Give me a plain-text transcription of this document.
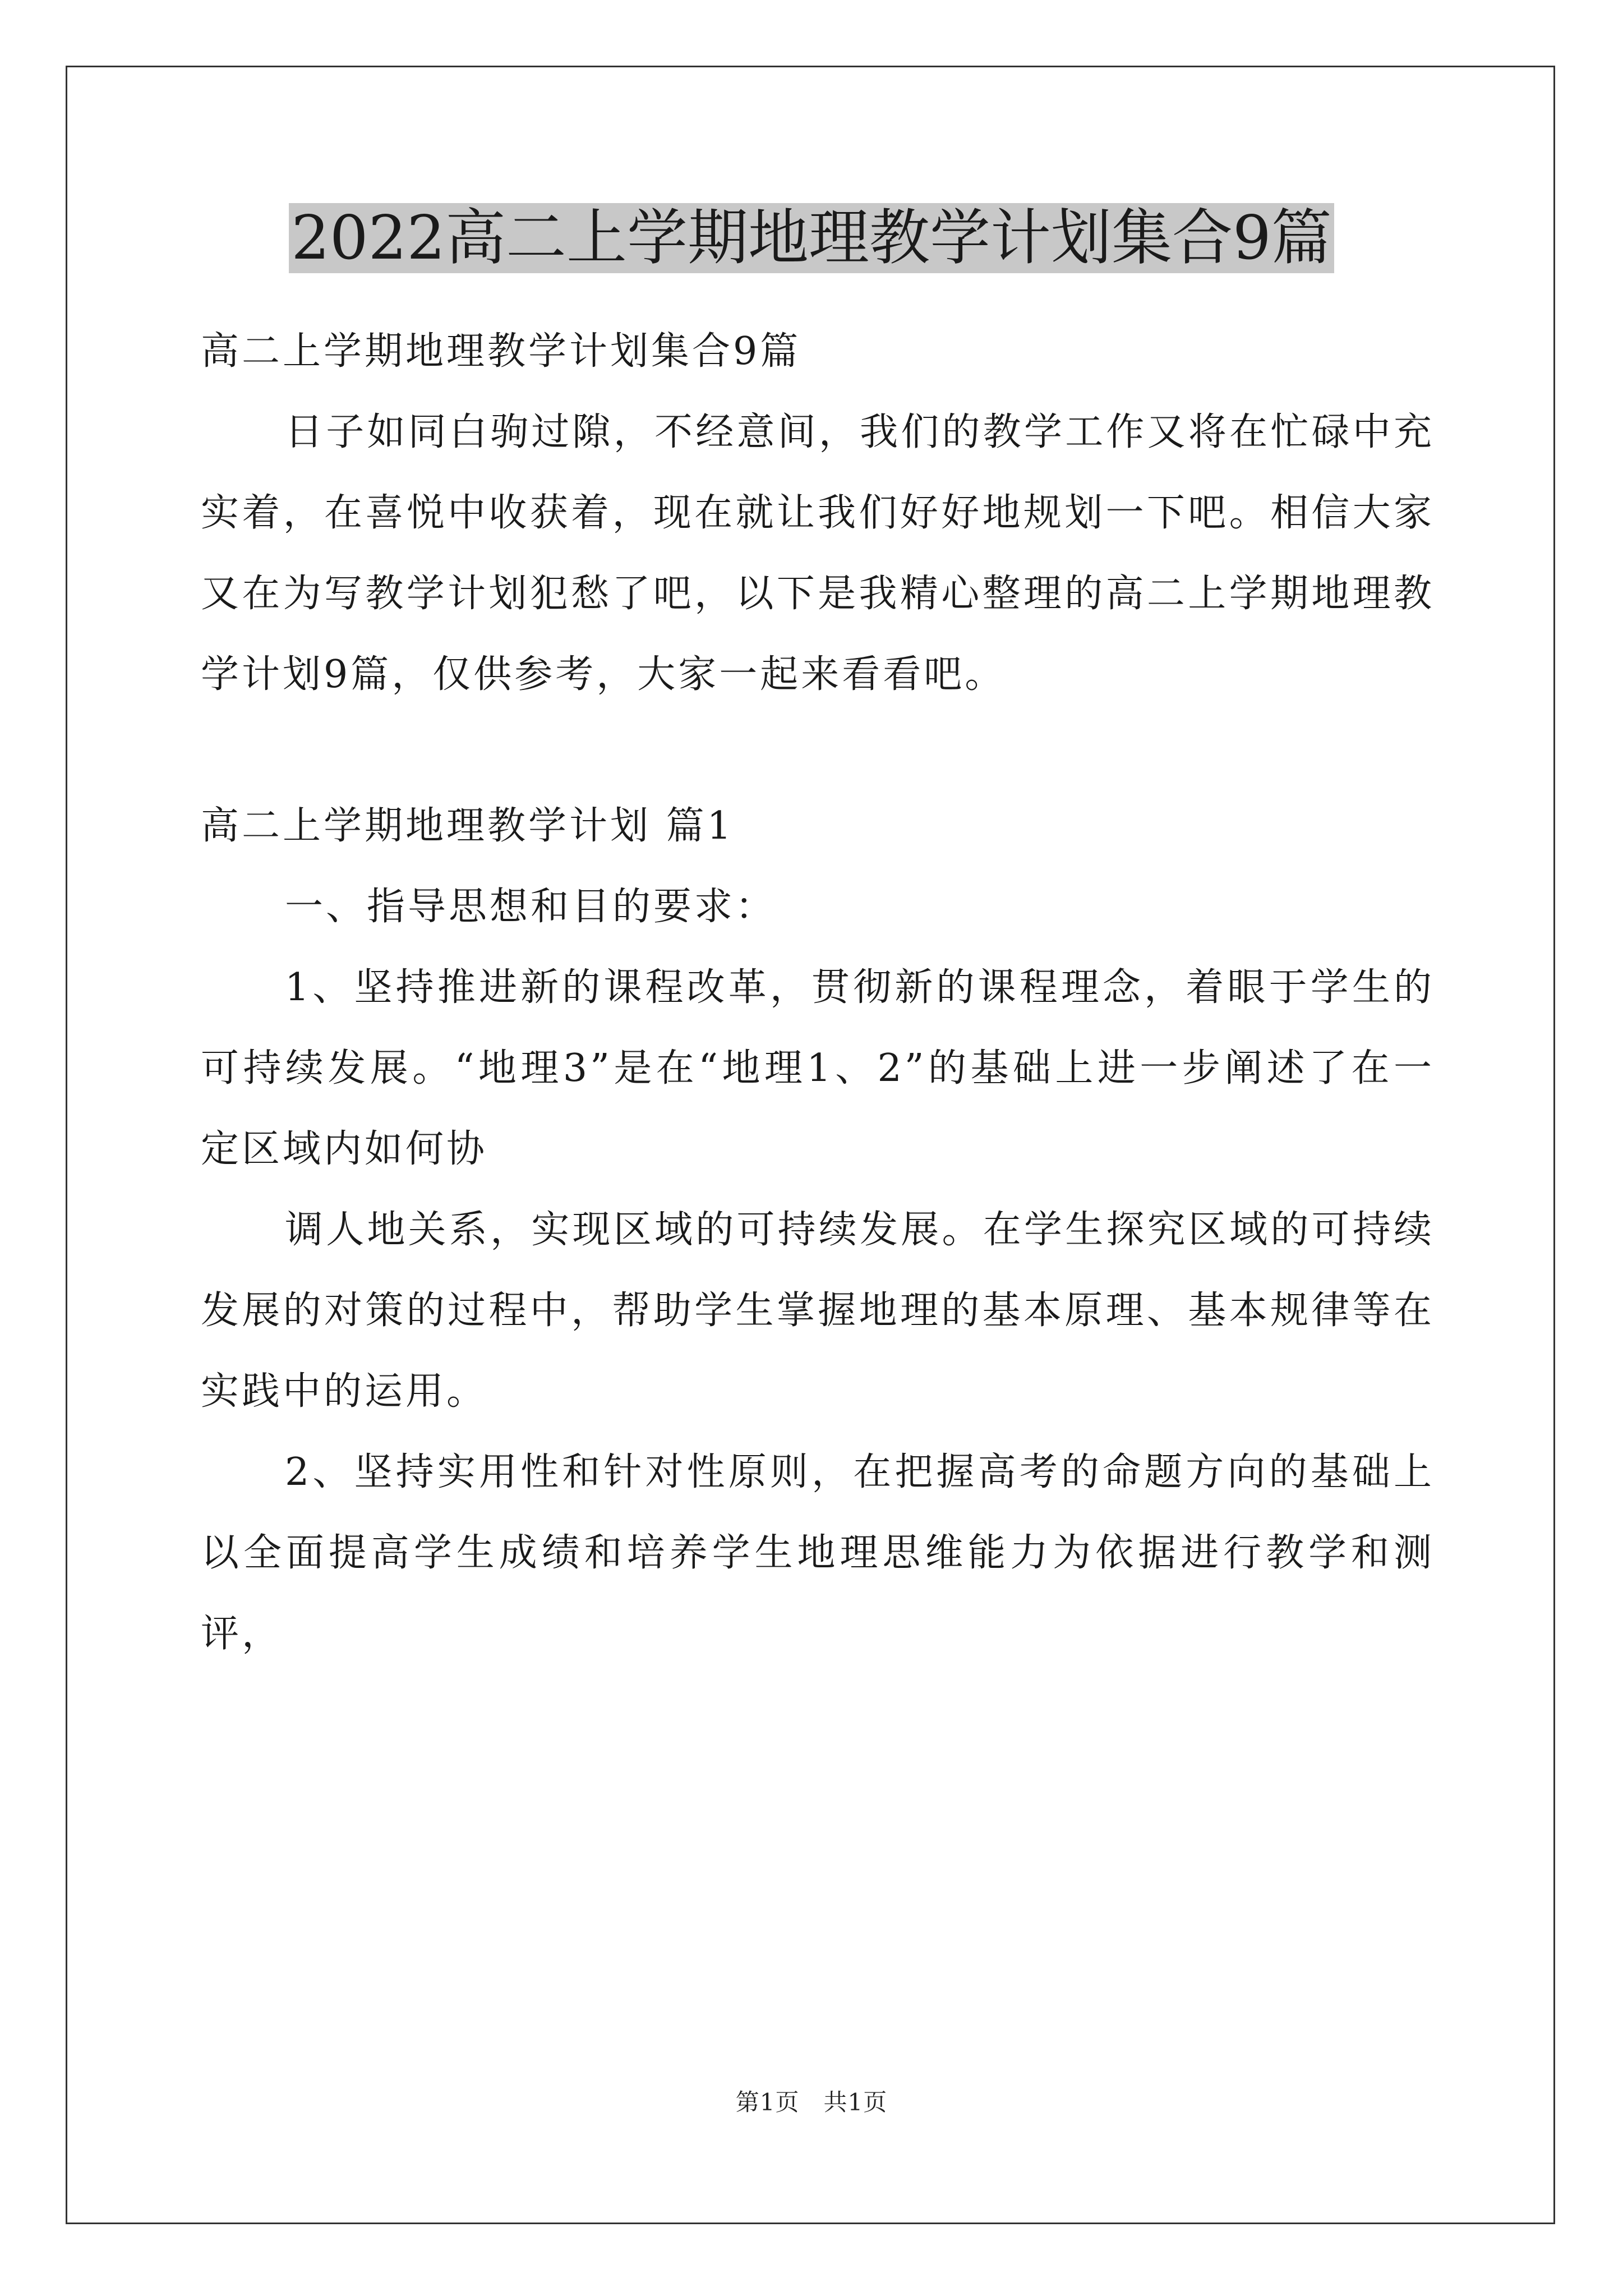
2022高二上学期地理教学计划集合9篇

高二上学期地理教学计划集合9篇

日子如同白驹过隙，不经意间，我们的教学工作又将在忙碌中充实着，在喜悦中收获着，现在就让我们好好地规划一下吧。相信大家又在为写教学计划犯愁了吧，以下是我精心整理的高二上学期地理教学计划9篇，仅供参考，大家一起来看看吧。

高二上学期地理教学计划 篇1

一、指导思想和目的要求：

1、坚持推进新的课程改革，贯彻新的课程理念，着眼于学生的可持续发展。“地理3”是在“地理1、2”的基础上进一步阐述了在一定区域内如何协

调人地关系，实现区域的可持续发展。在学生探究区域的可持续发展的对策的过程中，帮助学生掌握地理的基本原理、基本规律等在实践中的运用。

2、坚持实用性和针对性原则，在把握高考的命题方向的基础上以全面提高学生成绩和培养学生地理思维能力为依据进行教学和测评，

第1页　共1页
